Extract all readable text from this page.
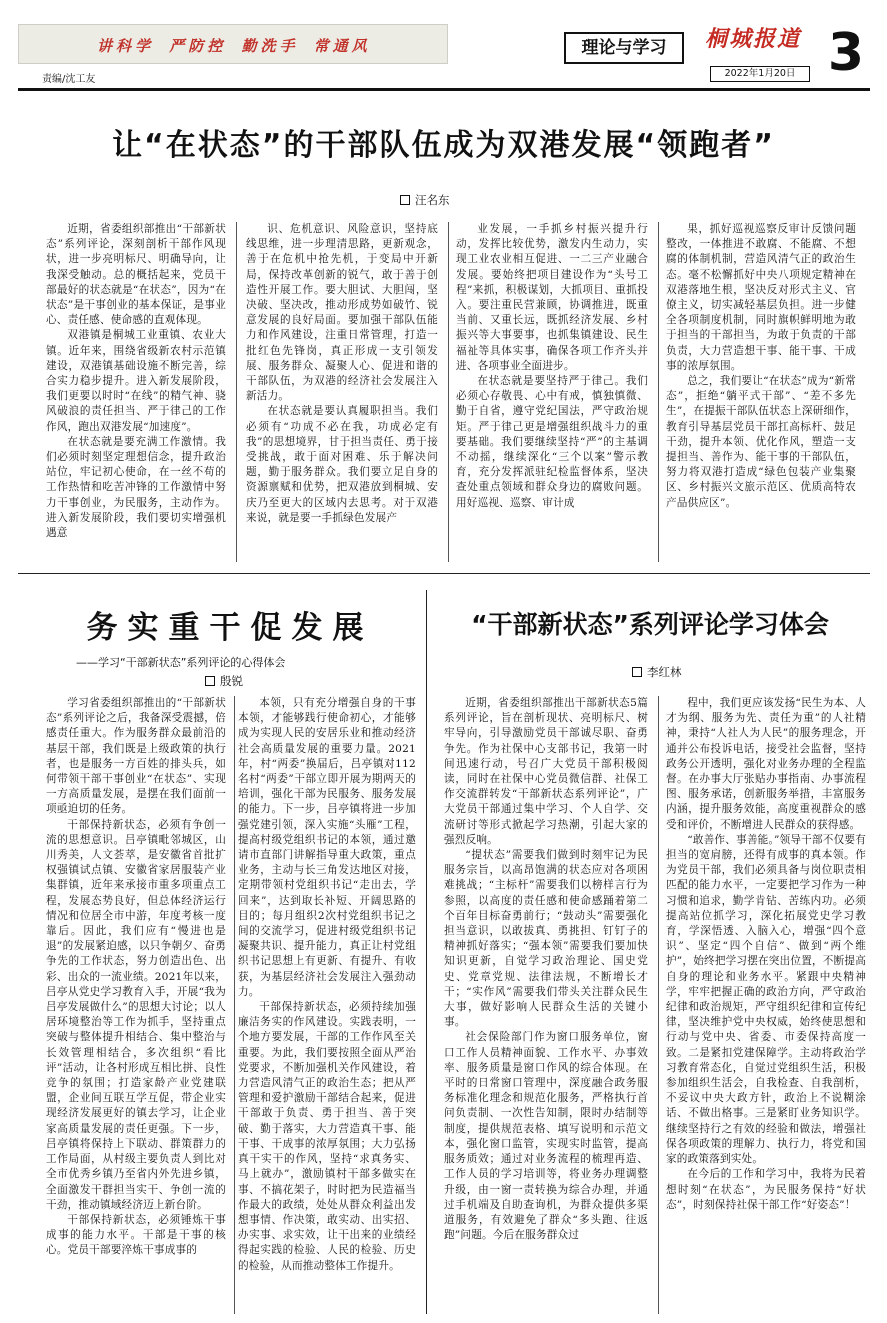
讲科学 严防控 勤洗手 常通风	理论与学习	桐城报道
2022年1月20日 3
责编/沈工友
让“在状态”的干部队伍成为双港发展“领跑者”
汪名东

近期，省委组织部推出“干部新状态”系列评论，深刻剖析干部作风现状，进一步亮明标尺、明确导向，让我深受触动。总的概括起来，党员干部最好的状态就是“在状态”，因为“在状态”是干事创业的基本保证，是事业心、责任感、使命感的直观体现。

双港镇是桐城工业重镇、农业大镇。近年来，围绕省级新农村示范镇建设，双港镇基础设施不断完善，综合实力稳步提升。进入新发展阶段，我们更要以时时“在线”的精气神、骁风破浪的责任担当、严于律己的工作作风，跑出双港发展“加速度”。

在状态就是要充满工作激情。我们必须时刻坚定理想信念，提升政治站位，牢记初心使命，在一丝不苟的工作热情和吃苦冲锋的工作激情中努力干事创业，为民服务，主动作为。进入新发展阶段，我们要切实增强机遇意

识、危机意识、风险意识，坚持底线思维，进一步理清思路，更新观念，善于在危机中抢先机，于变局中开新局，保持改革创新的锐气，敢于善于创造性开展工作。要大胆试、大胆闯，坚决破、坚决改，推动形成势如破竹、锐意发展的良好局面。要加强干部队伍能力和作风建设，注重日常管理，打造一批红色先锋岗，真正形成一支引领发展、服务群众、凝聚人心、促进和谐的干部队伍，为双港的经济社会发展注入新活力。

在状态就是要认真履职担当。我们必须有“功成不必在我，功成必定有我”的思想境界，甘于担当责任、勇于接受挑战，敢于面对困难、乐于解决问题，勤于服务群众。我们要立足自身的资源禀赋和优势，把双港放到桐城、安庆乃至更大的区域内去思考。对于双港来说，就是要一手抓绿色发展产

业发展，一手抓乡村振兴提升行动，发挥比较优势，激发内生动力，实现工业农业相互促进、一二三产业融合发展。要始终把项目建设作为“头号工程”来抓，积极谋划，大抓项目、重抓投入。要注重民营兼顾，协调推进，既重当前、又重长远，既抓经济发展、乡村振兴等大事要事，也抓集镇建设、民生福祉等具体实事，确保各项工作齐头并进、各项事业全面进步。

在状态就是要坚持严于律己。我们必须心存敬畏、心中有戒，慎独慎微、勤于自省，遵守党纪国法，严守政治规矩。严于律己更是增强组织战斗力的重要基础。我们要继续坚持“严”的主基调不动摇，继续深化“三个以案”警示教育，充分发挥派驻纪检监督体系，坚决查处重点领域和群众身边的腐败问题。用好巡视、巡察、审计成

果，抓好巡视巡察反审计反馈问题整改，一体推进不敢腐、不能腐、不想腐的体制机制，营造风清气正的政治生态。毫不松懈抓好中央八项规定精神在双港落地生根，坚决反对形式主义、官僚主义，切实减轻基层负担。进一步健全各项制度机制，同时旗帜鲜明地为敢于担当的干部担当，为敢于负责的干部负责，大力营造想干事、能干事、干成事的浓厚氛围。

总之，我们要让“在状态”成为“新常态”，拒绝“躺平式干部”、“差不多先生”，在提振干部队伍状态上深研细作，教育引导基层党员干部扛高标杆、鼓足干劲，提升本领、优化作风，塑造一支提担当、善作为、能干事的干部队伍，努力将双港打造成“绿色包装产业集聚区、乡村振兴文旅示范区、优质高特农产品供应区”。

务实重干促发展
——学习“干部新状态”系列评论的心得体会
殷锐

学习省委组织部推出的“干部新状态”系列评论之后，我备深受震撼，倍感责任重大。作为服务群众最前沿的基层干部，我们既是上级政策的执行者，也是服务一方百姓的排头兵，如何带领干部干事创业“在状态”、实现一方高质量发展，是摆在我们面前一项亟迫切的任务。

干部保持新状态，必须有争创一流的思想意识。吕亭镇毗邻城区，山川秀美，人文荟萃，是安徽省首批扩权强镇试点镇、安徽省家居服装产业集群镇，近年来承接市重多项重点工程，发展态势良好，但总体经济运行情况和位居全市中游，年度考核一度靠后。因此，我们应有“慢进也是退”的发展紧迫感，以只争朝夕、奋勇争先的工作状态，努力创造出色、出彩、出众的一流业绩。2021年以来，吕亭从党史学习教育入手，开展“我为吕亭发展做什么”的思想大讨论；以人居环境整治等工作为抓手，坚持重点突破与整体提升相结合、集中整治与长效管理相结合，多次组织“看比评”活动，让各村形成互相比拼、良性竞争的氛围；打造家龄产业党建联盟，企业间互联互学互促，带企业实现经济发展更好的镇去学习，让企业家高质量发展的责任更强。下一步，吕亭镇将保持上下联动、群策群力的工作局面，从村级主要负责人到比对全市优秀乡镇乃至省内外先进乡镇，全面激发干群担当实干、争创一流的干劲，推动镇域经济迈上新台阶。

干部保持新状态，必须锤炼干事成事的能力水平。干部是干事的核心。党员干部要淬炼干事成事的

本领，只有充分增强自身的干事本领，才能够践行使命初心，才能够成为实现人民的安居乐业和推动经济社会高质量发展的重要力量。2021年，村“两委”换届后，吕亭镇对112名村“两委”干部立即开展为期两天的培训，强化干部为民服务、服务发展的能力。下一步，吕亭镇将进一步加强党建引领，深入实施“头雁”工程，提高村级党组织书记的本领，通过邀请市直部门讲解指导重大政策，重点业务，主动与长三角发达地区对接，定期带领村党组织书记“走出去，学回来”，达到取长补短、开阔思路的目的；每月组织2次村党组织书记之间的交流学习，促进村级党组织书记凝聚共识、提升能力，真正让村党组织书记思想上有更新、有提升、有收获，为基层经济社会发展注入强劲动力。

干部保持新状态，必须持续加强廉洁务实的作风建设。实践表明，一个地方要发展，干部的工作作风至关重要。为此，我们要按照全面从严治党要求，不断加强机关作风建设，着力营造风清气正的政治生态；把从严管理和爱护激励干部结合起来，促进干部敢于负责、勇于担当、善于突破、勤于落实，大力营造真干事、能干事、干成事的浓厚氛围；大力弘扬真干实干的作风，坚持“求真务实、马上就办”，激励镇村干部多做实在事、不搞花架子，时时把为民造福当作最大的政绩，处处从群众利益出发想事情、作决策，敢实动、出实招、办实事、求实效，让干出来的业绩经得起实践的检验、人民的检验、历史的检验，从而推动整体工作提升。

“干部新状态”系列评论学习体会
李红林

近期，省委组织部推出干部新状态5篇系列评论，旨在剖析现状、亮明标尺、树牢导向，引导激励党员干部诚尽职、奋勇争先。作为社保中心支部书记，我第一时间迅速行动，号召广大党员干部积极阅读，同时在社保中心党员微信群、社保工作交流群转发“干部新状态系列评论”，广大党员干部通过集中学习、个人自学、交流研讨等形式掀起学习热潮，引起大家的强烈反响。

“提状态”需要我们做到时刻牢记为民服务宗旨，以高昂饱满的状态应对各项困难挑战；“主标杆”需要我们以榜样言行为参照，以高度的责任感和使命感踊着第二个百年目标奋勇前行；“鼓动头”需要强化担当意识，以敢拔真、勇挑担、钉钉子的精神抓好落实；“强本领”需要我们要加快知识更新，自觉学习政治理论、国史党史、党章党规、法律法规，不断增长才干；“实作风”需要我们带头关注群众民生大事，做好影响人民群众生活的关键小事。

社会保险部门作为窗口服务单位，窗口工作人员精神面貌、工作水平、办事效率、服务质量是窗口作风的综合体现。在平时的日常窗口管理中，深度融合政务服务标准化理念和规范化服务，严格执行首问负责制、一次性告知制，限时办结制等制度，提供规范表格、填写说明和示范文本，强化窗口监管，实现实时监管，提高服务质效；通过对业务流程的梳理再造、工作人员的学习培训等，将业务办理调整升级，由一窗一责转换为综合办理，并通过手机端及自助查询机，为群众提供多渠道服务，有效避免了群众“多头跑、往返跑”问题。今后在服务群众过

程中，我们更应该发扬“民生为本、人才为纲、服务为先、责任为重”的人社精神，秉持“人社人为人民”的服务理念，开通并公布投诉电话，接受社会监督，坚持政务公开透明，强化对业务办理的全程监督。在办事大厅张贴办事指南、办事流程图、服务承诺，创新服务举措，丰富服务内涵，提升服务效能，高度重视群众的感受和评价，不断增进人民群众的获得感。

“敢善作、事善能。”领导干部不仅要有担当的宽肩膀，还得有成事的真本领。作为党员干部，我们必须具备与岗位职责相匹配的能力水平，一定要把学习作为一种习惯和追求，勤学肯钻、苦练内功。必须提高站位抓学习，深化拓展党史学习教育，学深悟透、入脑入心，增强“四个意识”、坚定“四个自信”、做到“两个维护”，始终把学习摆在突出位置，不断提高自身的理论和业务水平。紧跟中央精神学，牢牢把握正确的政治方向，严守政治纪律和政治规矩，严守组织纪律和宣传纪律，坚决维护党中央权威，始终使思想和行动与党中央、省委、市委保持高度一致。二是紧扣党建保障学。主动将政治学习教育常态化，自觉过党组织生活，积极参加组织生活会，自我检查、自我剖析，不妥议中央大政方针，政治上不说糊涂话、不做出格事。三是紧盯业务知识学。继续坚持行之有效的经验和做法，增强社保各项政策的理解力、执行力，将党和国家的政策落到实处。

在今后的工作和学习中，我将为民着想时刻“在状态”，为民服务保持“好状态”，时刻保持社保干部工作“好姿态”！
